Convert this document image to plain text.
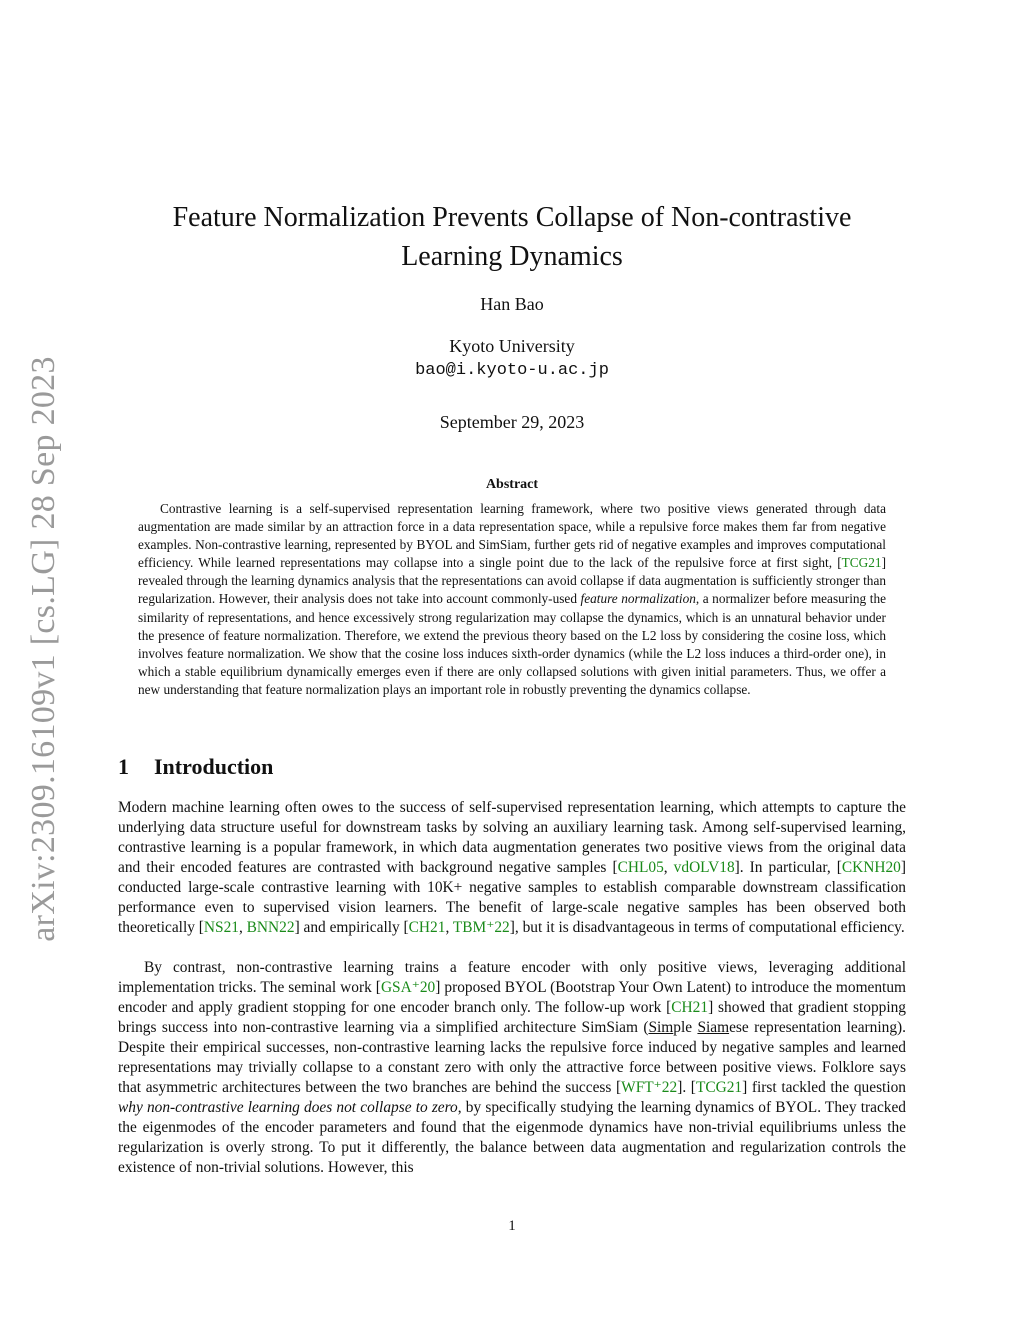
arXiv:2309.16109v1 [cs.LG] 28 Sep 2023
Feature Normalization Prevents Collapse of Non-contrastive Learning Dynamics
Han Bao
Kyoto University
bao@i.kyoto-u.ac.jp
September 29, 2023
Abstract

Contrastive learning is a self-supervised representation learning framework, where two positive views generated through data augmentation are made similar by an attraction force in a data representation space, while a repulsive force makes them far from negative examples. Non-contrastive learning, represented by BYOL and SimSiam, further gets rid of negative examples and improves computational efficiency. While learned representations may collapse into a single point due to the lack of the repulsive force at first sight, [TCG21] revealed through the learning dynamics analysis that the representations can avoid collapse if data augmentation is sufficiently stronger than regularization. However, their analysis does not take into account commonly-used feature normalization, a normalizer before measuring the similarity of representations, and hence excessively strong regularization may collapse the dynamics, which is an unnatural behavior under the presence of feature normalization. Therefore, we extend the previous theory based on the L2 loss by considering the cosine loss, which involves feature normalization. We show that the cosine loss induces sixth-order dynamics (while the L2 loss induces a third-order one), in which a stable equilibrium dynamically emerges even if there are only collapsed solutions with given initial parameters. Thus, we offer a new understanding that feature normalization plays an important role in robustly preventing the dynamics collapse.

1 Introduction

Modern machine learning often owes to the success of self-supervised representation learning, which attempts to capture the underlying data structure useful for downstream tasks by solving an auxiliary learning task. Among self-supervised learning, contrastive learning is a popular framework, in which data augmentation generates two positive views from the original data and their encoded features are contrasted with background negative samples [CHL05, vdOLV18]. In particular, [CKNH20] conducted large-scale contrastive learning with 10K+ negative samples to establish comparable downstream classification performance even to supervised vision learners. The benefit of large-scale negative samples has been observed both theoretically [NS21, BNN22] and empirically [CH21, TBM⁺22], but it is disadvantageous in terms of computational efficiency.

By contrast, non-contrastive learning trains a feature encoder with only positive views, leveraging additional implementation tricks. The seminal work [GSA⁺20] proposed BYOL (Bootstrap Your Own Latent) to introduce the momentum encoder and apply gradient stopping for one encoder branch only. The follow-up work [CH21] showed that gradient stopping brings success into non-contrastive learning via a simplified architecture SimSiam (Simple Siamese representation learning). Despite their empirical successes, non-contrastive learning lacks the repulsive force induced by negative samples and learned representations may trivially collapse to a constant zero with only the attractive force between positive views. Folklore says that asymmetric architectures between the two branches are behind the success [WFT⁺22]. [TCG21] first tackled the question why non-contrastive learning does not collapse to zero, by specifically studying the learning dynamics of BYOL. They tracked the eigenmodes of the encoder parameters and found that the eigenmode dynamics have non-trivial equilibriums unless the regularization is overly strong. To put it differently, the balance between data augmentation and regularization controls the existence of non-trivial solutions. However, this

1
